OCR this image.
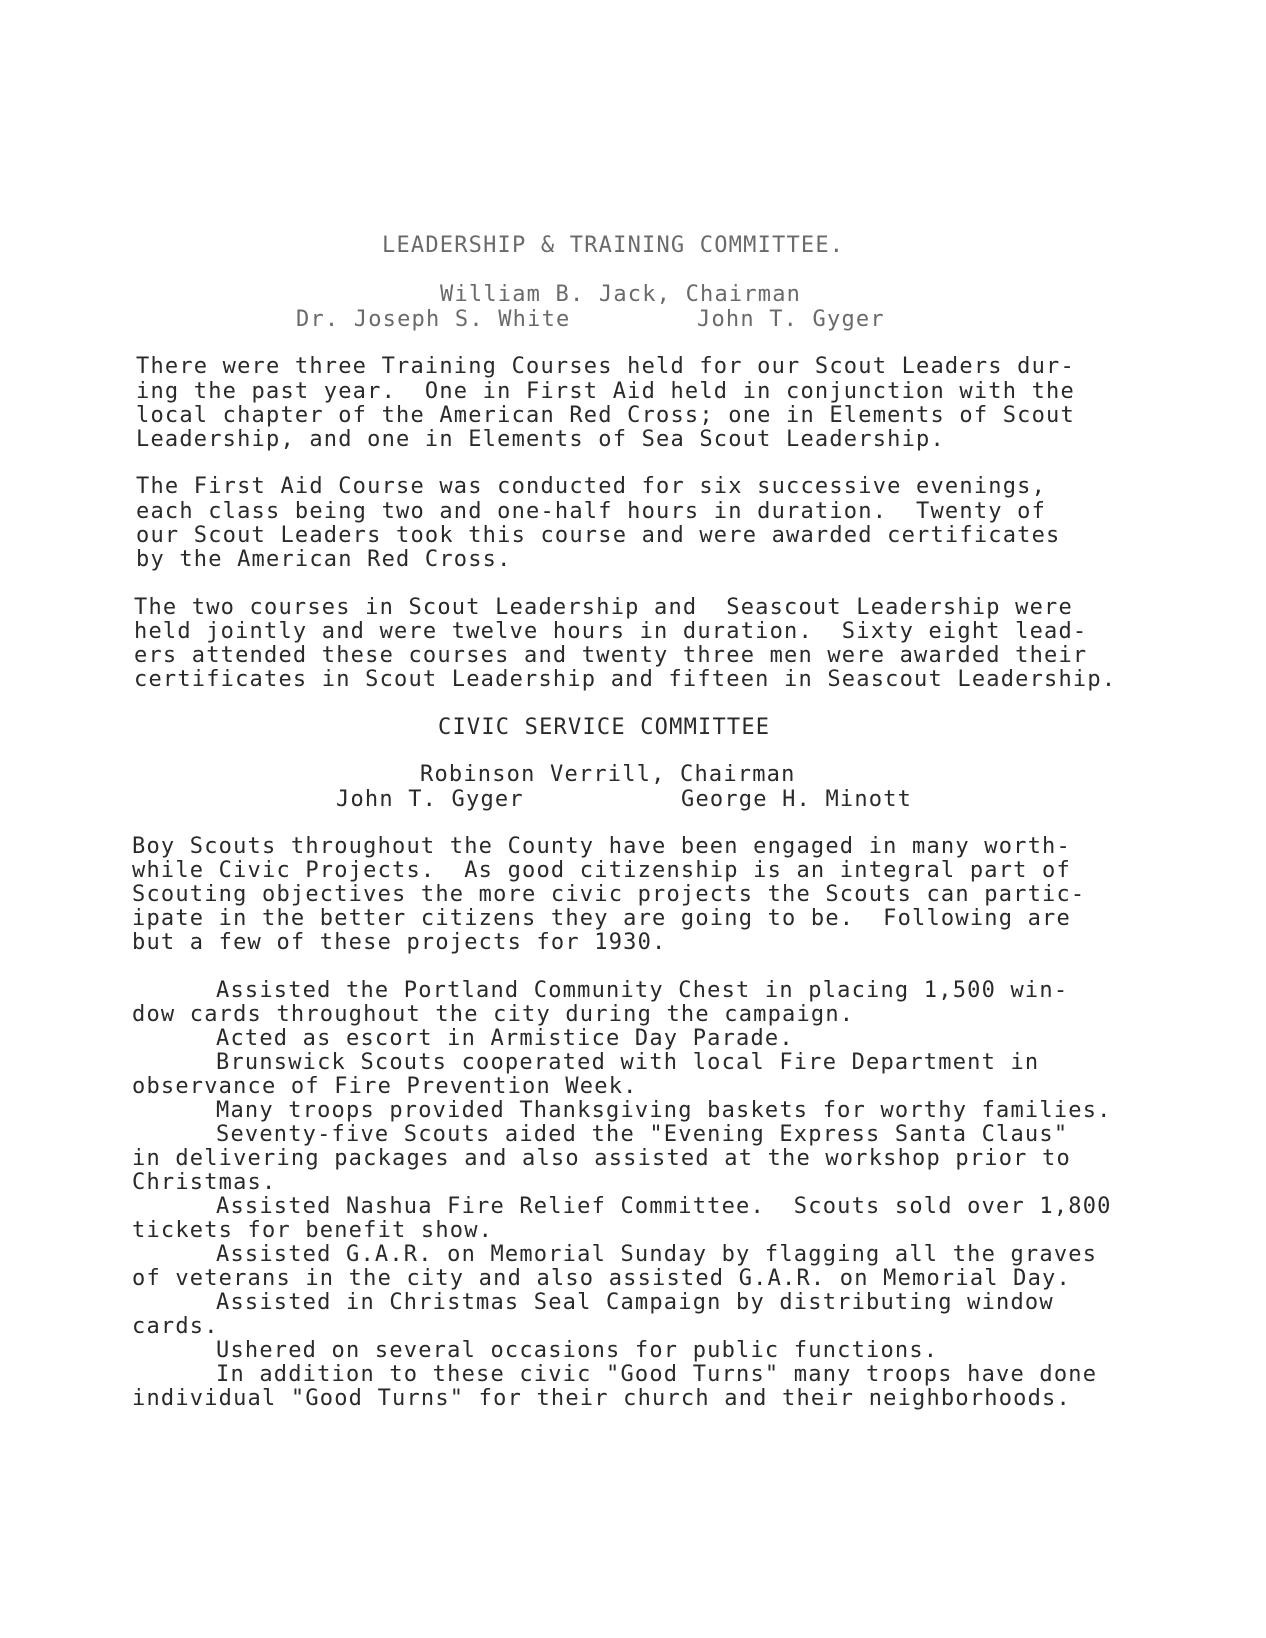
LEADERSHIP & TRAINING COMMITTEE.
William B. Jack, Chairman
Dr. Joseph S. White	John T. Gyger
There were three Training Courses held for our Scout Leaders dur-
ing the past year.  One in First Aid held in conjunction with the
local chapter of the American Red Cross; one in Elements of Scout
Leadership, and one in Elements of Sea Scout Leadership.
The First Aid Course was conducted for six successive evenings,
each class being two and one-half hours in duration.  Twenty of
our Scout Leaders took this course and were awarded certificates
by the American Red Cross.
The two courses in Scout Leadership and  Seascout Leadership were
held jointly and were twelve hours in duration.  Sixty eight lead-
ers attended these courses and twenty three men were awarded their
certificates in Scout Leadership and fifteen in Seascout Leadership.
CIVIC SERVICE COMMITTEE
Robinson Verrill, Chairman
John T. Gyger	George H. Minott
Boy Scouts throughout the County have been engaged in many worth-
while Civic Projects.  As good citizenship is an integral part of
Scouting objectives the more civic projects the Scouts can partic-
ipate in the better citizens they are going to be.  Following are
but a few of these projects for 1930.
Assisted the Portland Community Chest in placing 1,500 win-
dow cards throughout the city during the campaign.
Acted as escort in Armistice Day Parade.
Brunswick Scouts cooperated with local Fire Department in
observance of Fire Prevention Week.
Many troops provided Thanksgiving baskets for worthy families.
Seventy-five Scouts aided the "Evening Express Santa Claus"
in delivering packages and also assisted at the workshop prior to
Christmas.
Assisted Nashua Fire Relief Committee.  Scouts sold over 1,800
tickets for benefit show.
Assisted G.A.R. on Memorial Sunday by flagging all the graves
of veterans in the city and also assisted G.A.R. on Memorial Day.
Assisted in Christmas Seal Campaign by distributing window
cards.
Ushered on several occasions for public functions.
In addition to these civic "Good Turns" many troops have done
individual "Good Turns" for their church and their neighborhoods.
